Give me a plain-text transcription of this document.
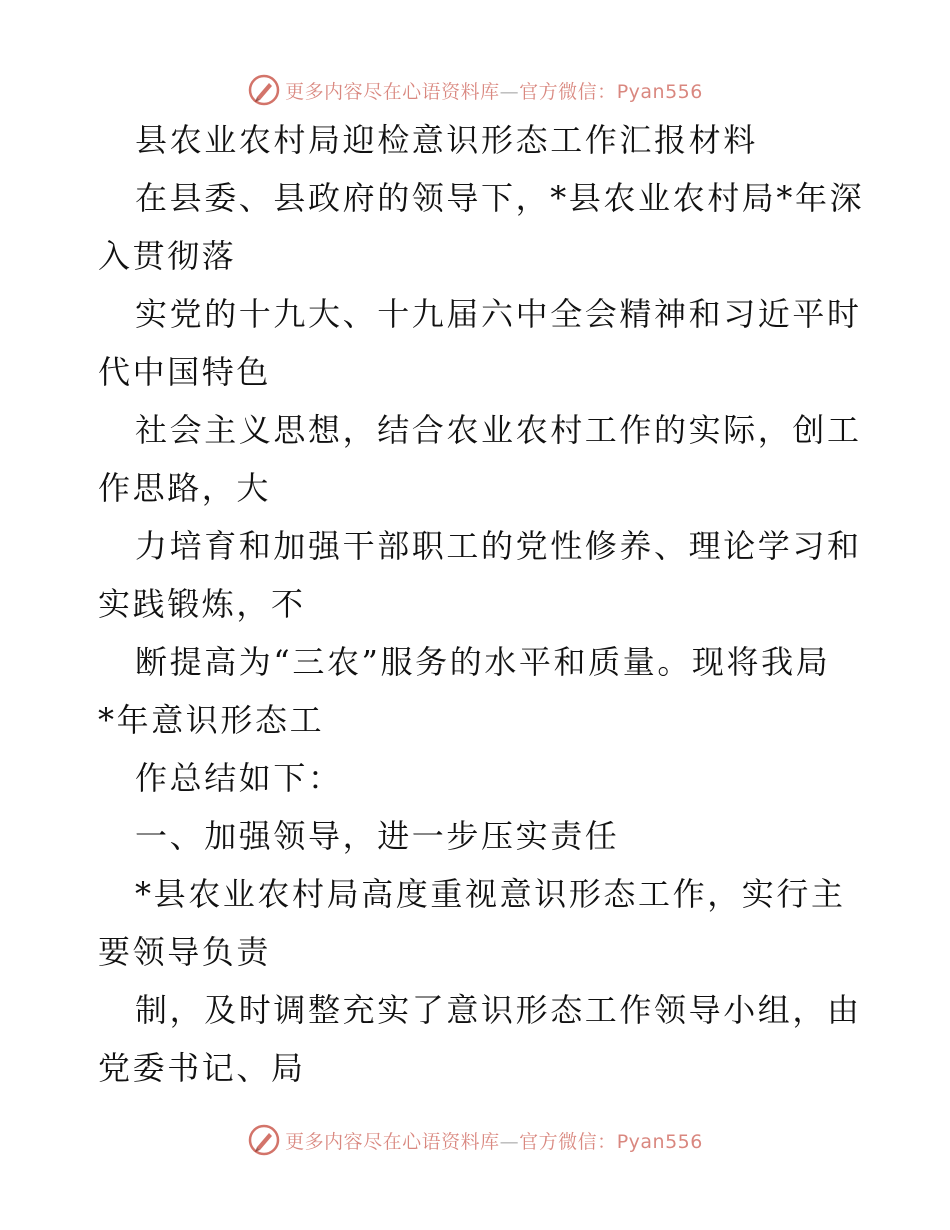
更多内容尽在心语资料库—官方微信：Pyan556
县农业农村局迎检意识形态工作汇报材料
在县委、县政府的领导下，*县农业农村局*年深
入贯彻落
实党的十九大、十九届六中全会精神和习近平时
代中国特色
社会主义思想，结合农业农村工作的实际，创工
作思路，大
力培育和加强干部职工的党性修养、理论学习和
实践锻炼，不
断提高为“三农”服务的水平和质量。现将我局
*年意识形态工
作总结如下：
一、加强领导，进一步压实责任
*县农业农村局高度重视意识形态工作，实行主
要领导负责
制，及时调整充实了意识形态工作领导小组，由
党委书记、局
更多内容尽在心语资料库—官方微信：Pyan556
